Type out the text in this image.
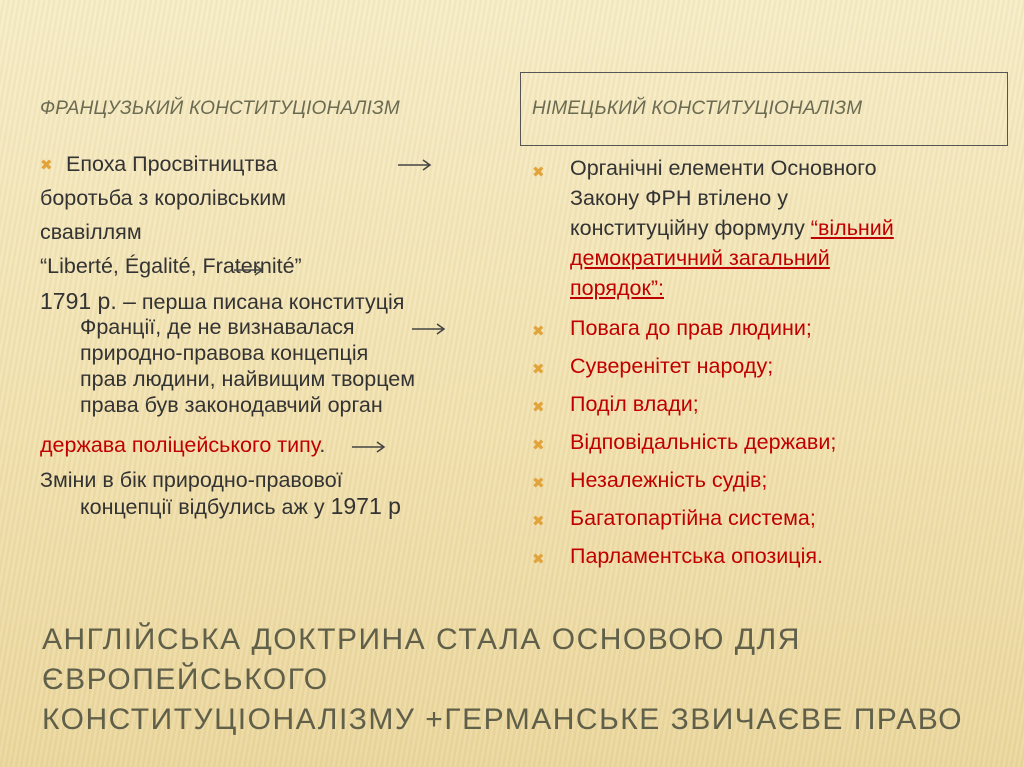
ФРАНЦУЗЬКИЙ КОНСТИТУЦІОНАЛІЗМ	НІМЕЦЬКИЙ КОНСТИТУЦІОНАЛІЗМ
✖ Епоха Просвітництва
боротьба з королівським
свавіллям
“Liberté, Égalité, Fraternité”
1791 р. – перша писана конституція
Франції, де не визнавалася
природно-правова концепція
прав людини, найвищим творцем
права був законодавчий орган
держава поліцейського типу.
Зміни в бік природно-правової
концепції відбулись аж у 1971 р
✖ Органічні елементи Основного
Закону ФРН втілено у
конституційну формулу “вільний
демократичний загальний
порядок”:
✖ Повага до прав людини;
✖ Суверенітет народу;
✖ Поділ влади;
✖ Відповідальність держави;
✖ Незалежність судів;
✖ Багатопартійна система;
✖ Парламентська опозиція.
АНГЛІЙСЬКА ДОКТРИНА СТАЛА ОСНОВОЮ ДЛЯ ЄВРОПЕЙСЬКОГО
КОНСТИТУЦІОНАЛІЗМУ +ГЕРМАНСЬКЕ ЗВИЧАЄВЕ ПРАВО
